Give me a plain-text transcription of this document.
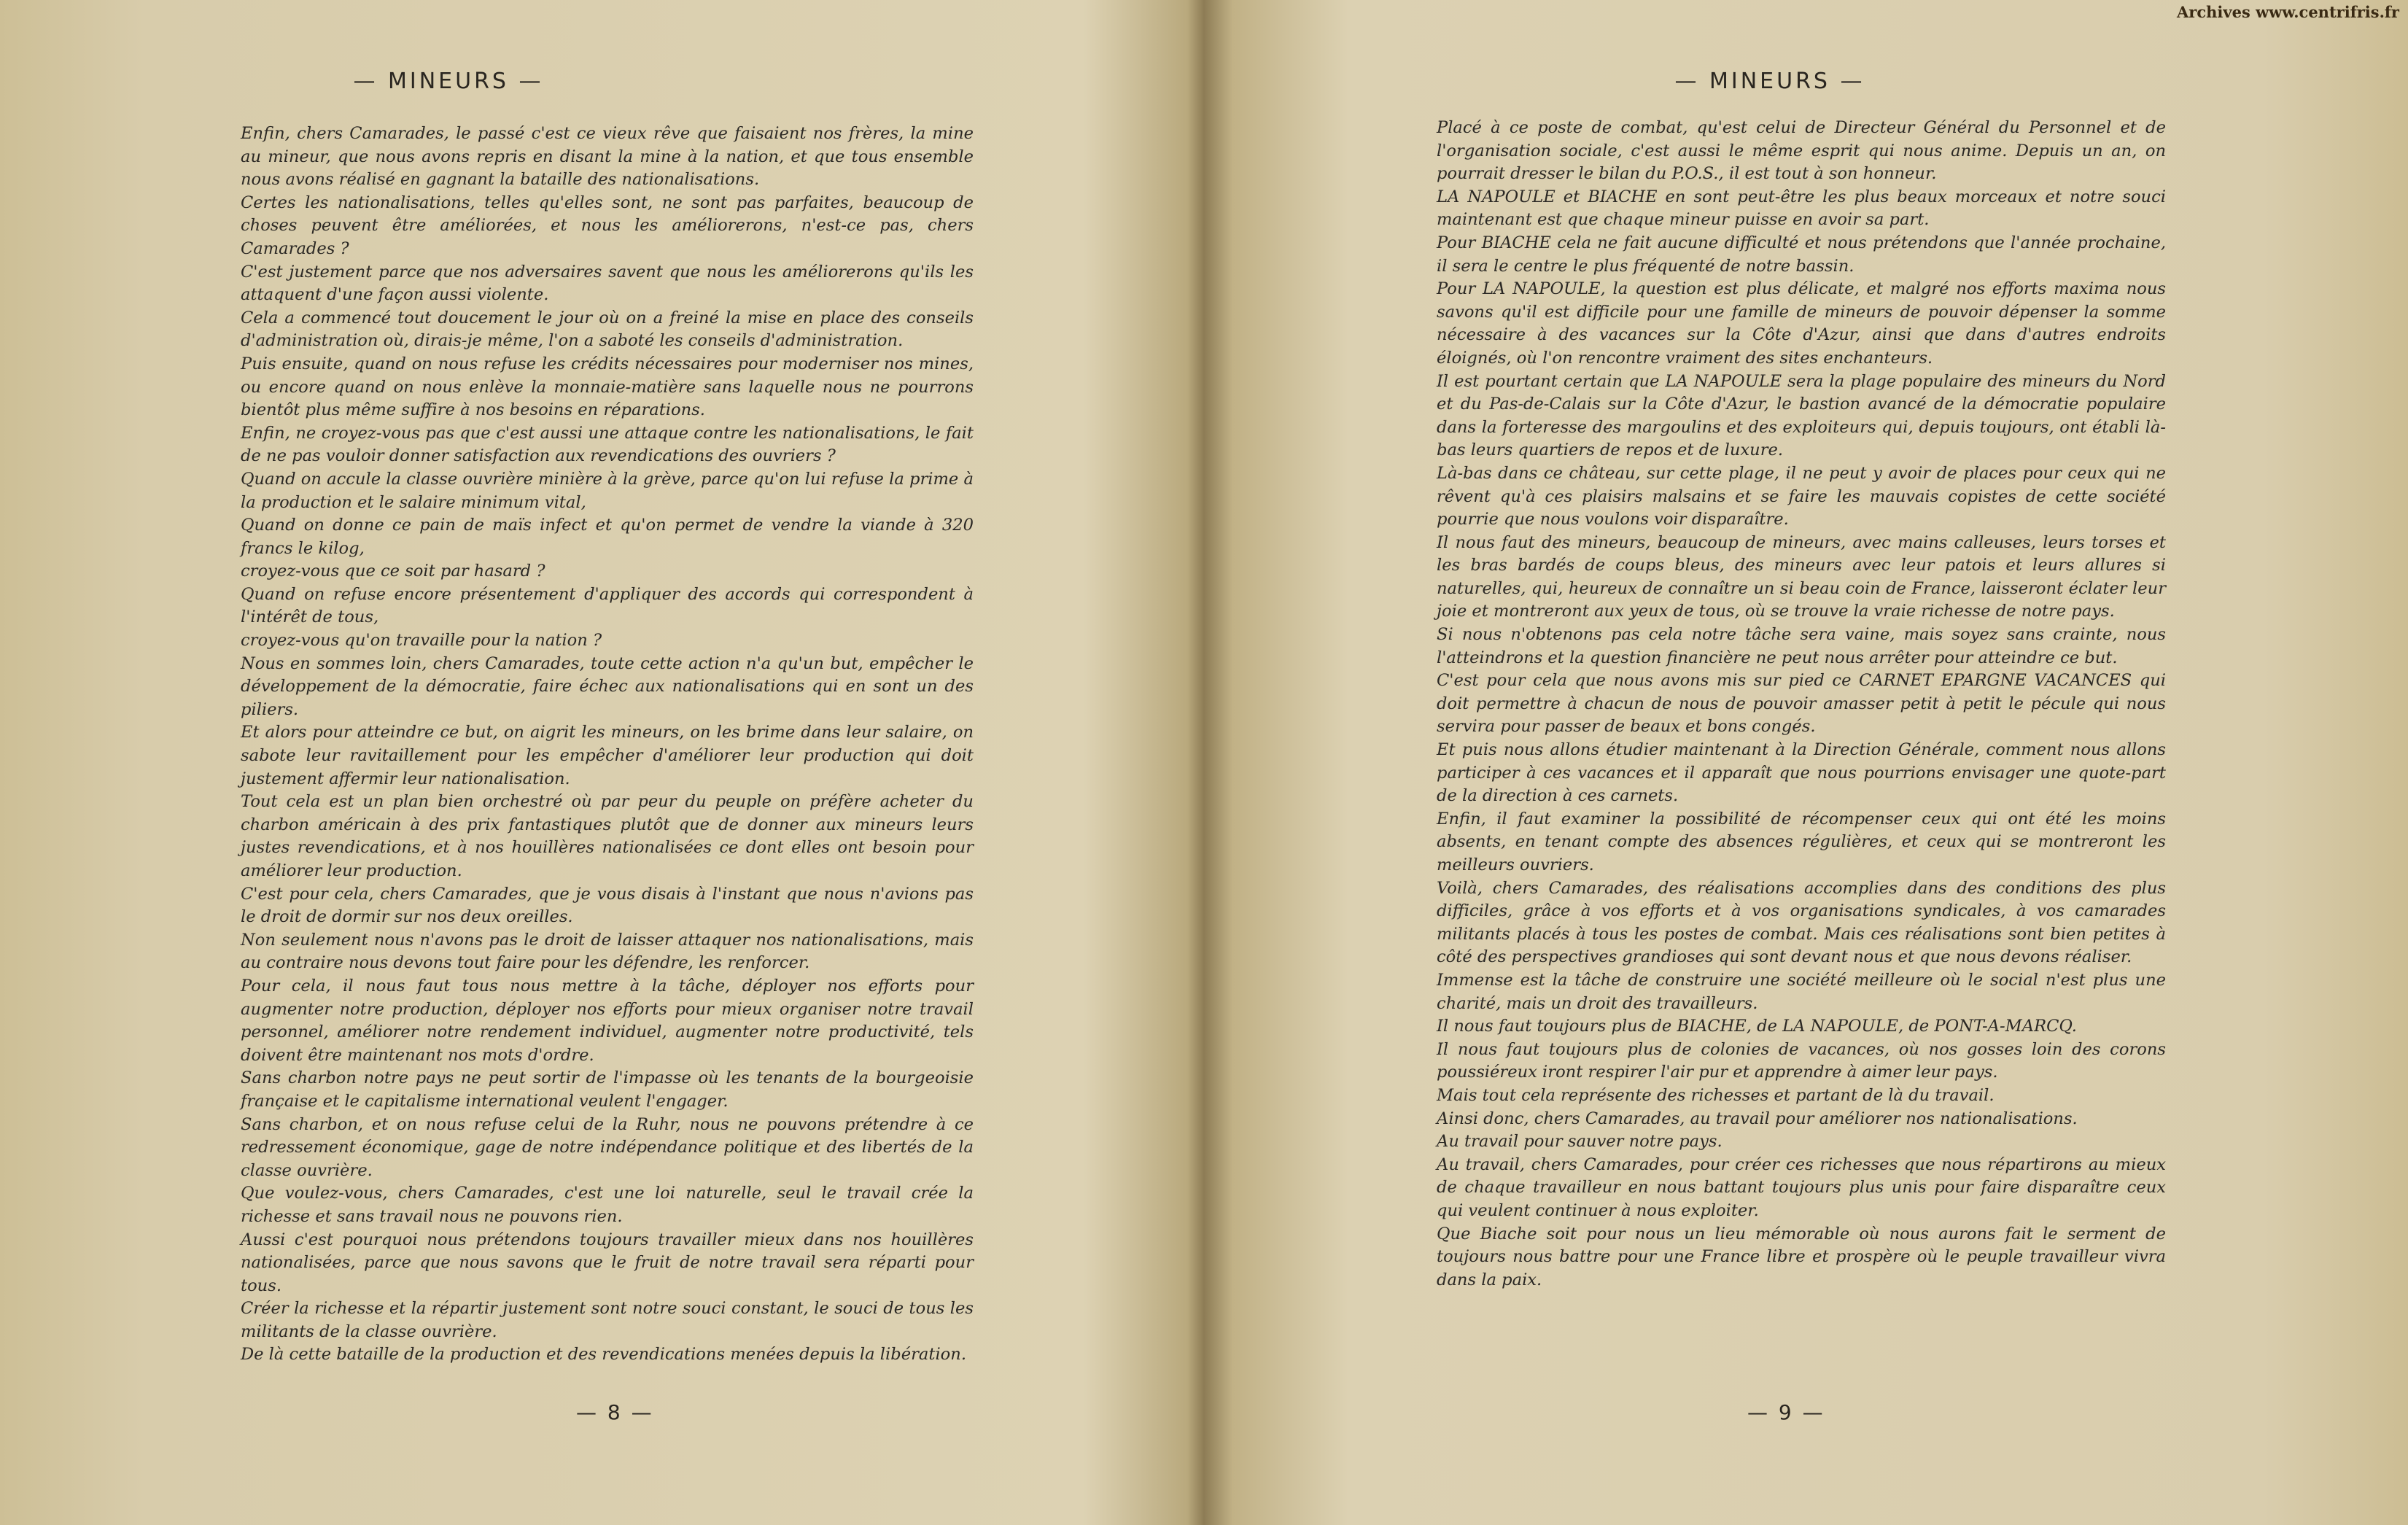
Archives www.centrifris.fr
— MINEURS —
Enfin, chers Camarades, le passé c'est ce vieux rêve que faisaient nos frères, la mine au mineur, que nous avons repris en disant la mine à la nation, et que tous ensemble nous avons réalisé en gagnant la bataille des nationalisations.
Certes les nationalisations, telles qu'elles sont, ne sont pas parfaites, beaucoup de choses peuvent être améliorées, et nous les améliorerons, n'est-ce pas, chers Camarades ?
C'est justement parce que nos adversaires savent que nous les améliorerons qu'ils les attaquent d'une façon aussi violente.
Cela a commencé tout doucement le jour où on a freiné la mise en place des conseils d'administration où, dirais-je même, l'on a saboté les conseils d'administration.
Puis ensuite, quand on nous refuse les crédits nécessaires pour moderniser nos mines, ou encore quand on nous enlève la monnaie-matière sans laquelle nous ne pourrons bientôt plus même suffire à nos besoins en réparations.
Enfin, ne croyez-vous pas que c'est aussi une attaque contre les nationalisations, le fait de ne pas vouloir donner satisfaction aux revendications des ouvriers ?
Quand on accule la classe ouvrière minière à la grève, parce qu'on lui refuse la prime à la production et le salaire minimum vital,
Quand on donne ce pain de maïs infect et qu'on permet de vendre la viande à 320 francs le kilog,
croyez-vous que ce soit par hasard ?
Quand on refuse encore présentement d'appliquer des accords qui correspondent à l'intérêt de tous,
croyez-vous qu'on travaille pour la nation ?
Nous en sommes loin, chers Camarades, toute cette action n'a qu'un but, empêcher le développement de la démocratie, faire échec aux nationalisations qui en sont un des piliers.
Et alors pour atteindre ce but, on aigrit les mineurs, on les brime dans leur salaire, on sabote leur ravitaillement pour les empêcher d'améliorer leur production qui doit justement affermir leur nationalisation.
Tout cela est un plan bien orchestré où par peur du peuple on préfère acheter du charbon américain à des prix fantastiques plutôt que de donner aux mineurs leurs justes revendications, et à nos houillères nationalisées ce dont elles ont besoin pour améliorer leur production.
C'est pour cela, chers Camarades, que je vous disais à l'instant que nous n'avions pas le droit de dormir sur nos deux oreilles.
Non seulement nous n'avons pas le droit de laisser attaquer nos nationalisations, mais au contraire nous devons tout faire pour les défendre, les renforcer.
Pour cela, il nous faut tous nous mettre à la tâche, déployer nos efforts pour augmenter notre production, déployer nos efforts pour mieux organiser notre travail personnel, améliorer notre rendement individuel, augmenter notre productivité, tels doivent être maintenant nos mots d'ordre.
Sans charbon notre pays ne peut sortir de l'impasse où les tenants de la bourgeoisie française et le capitalisme international veulent l'engager.
Sans charbon, et on nous refuse celui de la Ruhr, nous ne pouvons prétendre à ce redressement économique, gage de notre indépendance politique et des libertés de la classe ouvrière.
Que voulez-vous, chers Camarades, c'est une loi naturelle, seul le travail crée la richesse et sans travail nous ne pouvons rien.
Aussi c'est pourquoi nous prétendons toujours travailler mieux dans nos houillères nationalisées, parce que nous savons que le fruit de notre travail sera réparti pour tous.
Créer la richesse et la répartir justement sont notre souci constant, le souci de tous les militants de la classe ouvrière.
De là cette bataille de la production et des revendications menées depuis la libération.
— 8 —
— MINEURS —
Placé à ce poste de combat, qu'est celui de Directeur Général du Personnel et de l'organisation sociale, c'est aussi le même esprit qui nous anime. Depuis un an, on pourrait dresser le bilan du P.O.S., il est tout à son honneur.
LA NAPOULE et BIACHE en sont peut-être les plus beaux morceaux et notre souci maintenant est que chaque mineur puisse en avoir sa part.
Pour BIACHE cela ne fait aucune difficulté et nous prétendons que l'année prochaine, il sera le centre le plus fréquenté de notre bassin.
Pour LA NAPOULE, la question est plus délicate, et malgré nos efforts maxima nous savons qu'il est difficile pour une famille de mineurs de pouvoir dépenser la somme nécessaire à des vacances sur la Côte d'Azur, ainsi que dans d'autres endroits éloignés, où l'on rencontre vraiment des sites enchanteurs.
Il est pourtant certain que LA NAPOULE sera la plage populaire des mineurs du Nord et du Pas-de-Calais sur la Côte d'Azur, le bastion avancé de la démocratie populaire dans la forteresse des margoulins et des exploiteurs qui, depuis toujours, ont établi là-bas leurs quartiers de repos et de luxure.
Là-bas dans ce château, sur cette plage, il ne peut y avoir de places pour ceux qui ne rêvent qu'à ces plaisirs malsains et se faire les mauvais copistes de cette société pourrie que nous voulons voir disparaître.
Il nous faut des mineurs, beaucoup de mineurs, avec mains calleuses, leurs torses et les bras bardés de coups bleus, des mineurs avec leur patois et leurs allures si naturelles, qui, heureux de connaître un si beau coin de France, laisseront éclater leur joie et montreront aux yeux de tous, où se trouve la vraie richesse de notre pays.
Si nous n'obtenons pas cela notre tâche sera vaine, mais soyez sans crainte, nous l'atteindrons et la question financière ne peut nous arrêter pour atteindre ce but.
C'est pour cela que nous avons mis sur pied ce CARNET EPARGNE VACANCES qui doit permettre à chacun de nous de pouvoir amasser petit à petit le pécule qui nous servira pour passer de beaux et bons congés.
Et puis nous allons étudier maintenant à la Direction Générale, comment nous allons participer à ces vacances et il apparaît que nous pourrions envisager une quote-part de la direction à ces carnets.
Enfin, il faut examiner la possibilité de récompenser ceux qui ont été les moins absents, en tenant compte des absences régulières, et ceux qui se montreront les meilleurs ouvriers.
Voilà, chers Camarades, des réalisations accomplies dans des conditions des plus difficiles, grâce à vos efforts et à vos organisations syndicales, à vos camarades militants placés à tous les postes de combat. Mais ces réalisations sont bien petites à côté des perspectives grandioses qui sont devant nous et que nous devons réaliser.
Immense est la tâche de construire une société meilleure où le social n'est plus une charité, mais un droit des travailleurs.
Il nous faut toujours plus de BIACHE, de LA NAPOULE, de PONT-A-MARCQ.
Il nous faut toujours plus de colonies de vacances, où nos gosses loin des corons poussiéreux iront respirer l'air pur et apprendre à aimer leur pays.
Mais tout cela représente des richesses et partant de là du travail.
Ainsi donc, chers Camarades, au travail pour améliorer nos nationalisations.
Au travail pour sauver notre pays.
Au travail, chers Camarades, pour créer ces richesses que nous répartirons au mieux de chaque travailleur en nous battant toujours plus unis pour faire disparaître ceux qui veulent continuer à nous exploiter.
Que Biache soit pour nous un lieu mémorable où nous aurons fait le serment de toujours nous battre pour une France libre et prospère où le peuple travailleur vivra dans la paix.
— 9 —
